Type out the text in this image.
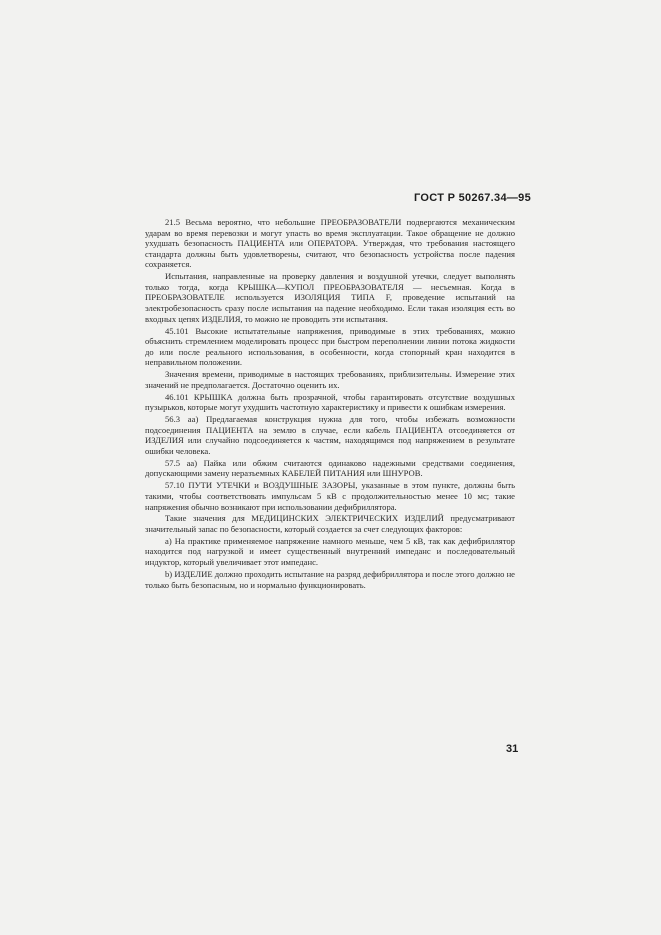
ГОСТ Р 50267.34—95

21.5 Весьма вероятно, что небольшие ПРЕОБРАЗОВАТЕЛИ подвергаются механическим ударам во время перевозки и могут упасть во время эксплуатации. Такое обращение не должно ухудшать безопасность ПАЦИЕНТА или ОПЕРАТОРА. Утверждая, что требования настоящего стандарта должны быть удовлетворены, считают, что безопасность устройства после падения сохраняется.

Испытания, направленные на проверку давления и воздушной утечки, следует выполнять только тогда, когда КРЫШКА—КУПОЛ ПРЕОБРАЗОВАТЕЛЯ — несъемная. Когда в ПРЕОБРАЗОВАТЕЛЕ используется ИЗОЛЯЦИЯ ТИПА F, проведение испытаний на электробезопасность сразу после испытания на падение необходимо. Если такая изоляция есть во входных цепях ИЗДЕЛИЯ, то можно не проводить эти испытания.

45.101 Высокие испытательные напряжения, приводимые в этих требованиях, можно объяснить стремлением моделировать процесс при быстром переполнении линии потока жидкости до или после реального использования, в особенности, когда стопорный кран находится в неправильном положении.

Значения времени, приводимые в настоящих требованиях, приблизительны. Измерение этих значений не предполагается. Достаточно оценить их.

46.101 КРЫШКА должна быть прозрачной, чтобы гарантировать отсутствие воздушных пузырьков, которые могут ухудшить частотную характеристику и привести к ошибкам измерения.

56.3 аа) Предлагаемая конструкция нужна для того, чтобы избежать возможности подсоединения ПАЦИЕНТА на землю в случае, если кабель ПАЦИЕНТА отсоединяется от ИЗДЕЛИЯ или случайно подсоединяется к частям, находящимся под напряжением в результате ошибки человека.

57.5 аа) Пайка или обжим считаются одинаково надежными средствами соединения, допускающими замену неразъемных КАБЕЛЕЙ ПИТАНИЯ или ШНУРОВ.

57.10 ПУТИ УТЕЧКИ и ВОЗДУШНЫЕ ЗАЗОРЫ, указанные в этом пункте, должны быть такими, чтобы соответствовать импульсам 5 кВ с продолжительностью менее 10 мс; такие напряжения обычно возникают при использовании дефибриллятора.

Такие значения для МЕДИЦИНСКИХ ЭЛЕКТРИЧЕСКИХ ИЗДЕЛИЙ предусматривают значительный запас по безопасности, который создается за счет следующих факторов:

а) На практике применяемое напряжение намного меньше, чем 5 кВ, так как дефибриллятор находится под нагрузкой и имеет существенный внутренний импеданс и последовательный индуктор, который увеличивает этот импеданс.

b) ИЗДЕЛИЕ должно проходить испытание на разряд дефибриллятора и после этого должно не только быть безопасным, но и нормально функционировать.

31
